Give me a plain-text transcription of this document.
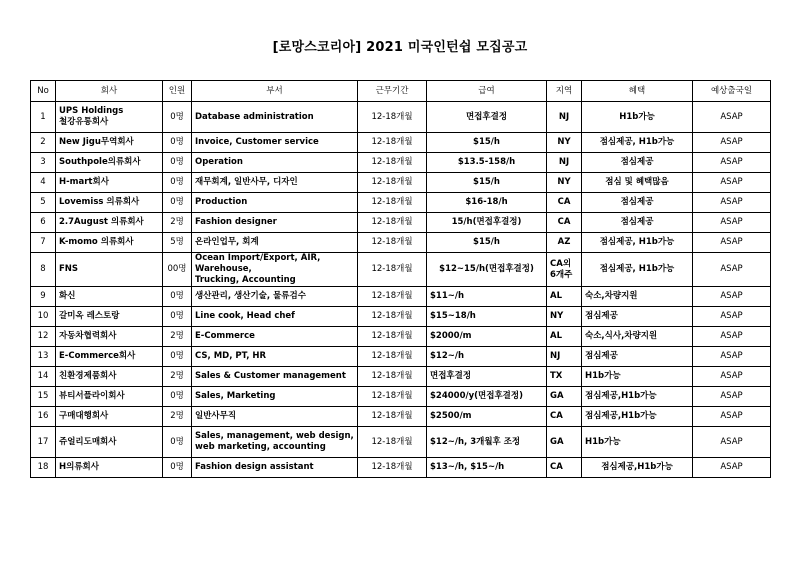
[로망스코리아] 2021 미국인턴쉽 모집공고
No	회사	인원	부서	근무기간	급여	지역	혜택	예상출국일
1	UPS Holdings
철강유통회사	0명	Database administration	12-18개월	면접후결정	NJ	H1b가능	ASAP
2	New Jigu무역회사	0명	Invoice, Customer service	12-18개월	$15/h	NY	점심제공, H1b가능	ASAP
3	Southpole의류회사	0명	Operation	12-18개월	$13.5-158/h	NJ	점심제공	ASAP
4	H-mart회사	0명	재무회계, 일반사무, 디자인	12-18개월	$15/h	NY	점심 및 혜택많음	ASAP
5	Lovemiss 의류회사	0명	Production	12-18개월	$16-18/h	CA	점심제공	ASAP
6	2.7August 의류회사	2명	Fashion designer	12-18개월	15/h(면접후결정)	CA	점심제공	ASAP
7	K-momo 의류회사	5명	온라인업무, 회계	12-18개월	$15/h	AZ	점심제공, H1b가능	ASAP
8	FNS	00명	Ocean Import/Export, AIR, Warehouse,
Trucking, Accounting	12-18개월	$12~15/h(면접후결정)	CA외
6개주	점심제공, H1b가능	ASAP
9	화신	0명	생산관리, 생산기술, 물류검수	12-18개월	$11~/h	AL	숙소,차량지원	ASAP
10	갈미옥 레스토랑	0명	Line cook, Head chef	12-18개월	$15~18/h	NY	점심제공	ASAP
12	자동차협력회사	2명	E-Commerce	12-18개월	$2000/m	AL	숙소,식사,차량지원	ASAP
13	E-Commerce회사	0명	CS, MD, PT, HR	12-18개월	$12~/h	NJ	점심제공	ASAP
14	친환경제품회사	2명	Sales & Customer management	12-18개월	면접후결정	TX	H1b가능	ASAP
15	뷰티서플라이회사	0명	Sales, Marketing	12-18개월	$24000/y(면접후결정)	GA	점심제공,H1b가능	ASAP
16	구매대행회사	2명	일반사무직	12-18개월	$2500/m	CA	점심제공,H1b가능	ASAP
17	쥬얼리도매회사	0명	Sales, management, web design,
web marketing, accounting	12-18개월	$12~/h, 3개월후 조정	GA	H1b가능	ASAP
18	H의류회사	0명	Fashion design assistant	12-18개월	$13~/h, $15~/h	CA	점심제공,H1b가능	ASAP
